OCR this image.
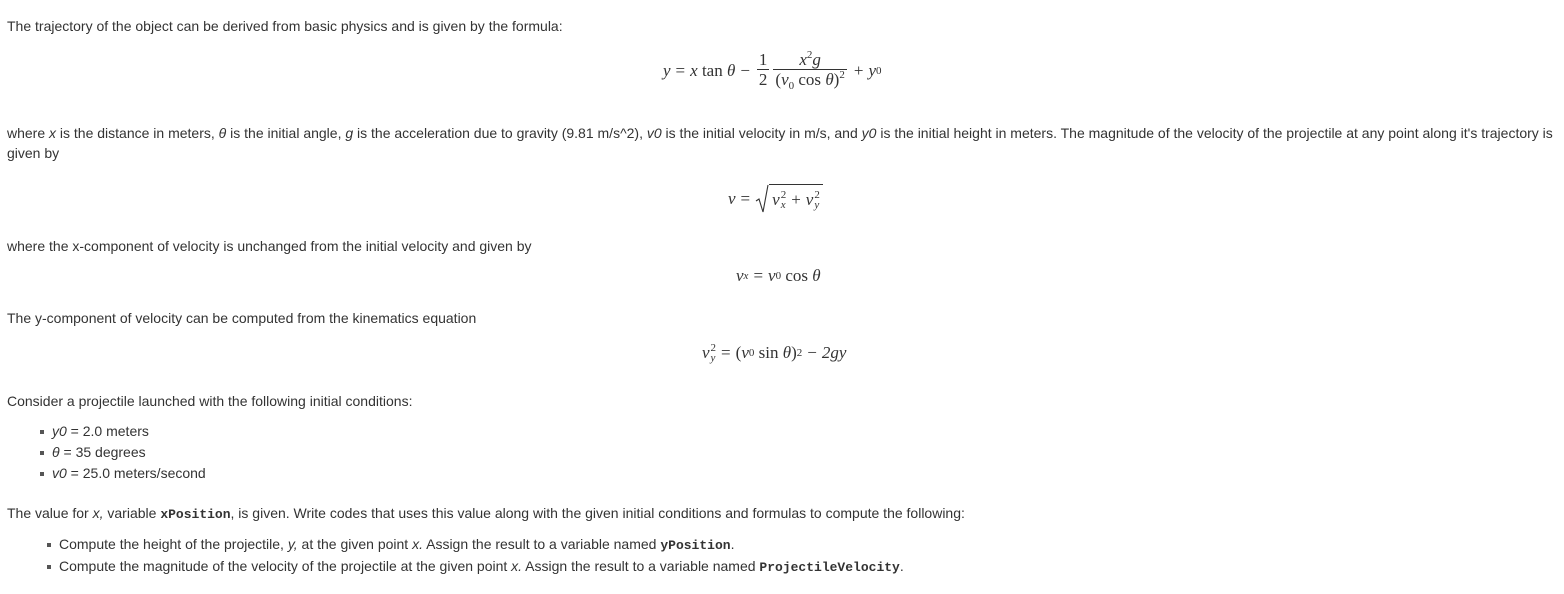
The trajectory of the object can be derived from basic physics and is given by the formula:

y = x
tan
$\theta - \frac{1}{2} \frac{x^2g}{(v_0 \cos \theta)^2} + y$ 0

where x is the distance in meters, θ is the initial angle, g is the acceleration due to gravity (9.81 m/s^2), v0 is the initial velocity in m/s, and y0 is the initial height in meters. The magnitude of the velocity of the projectile at any point along it's trajectory is given by

v = v 2
x + v 2
y

where the x-component of velocity is unchanged from the initial velocity and given by

v x = v 0
cos
θ

The y-component of velocity can be computed from the kinematics equation

v 2
y = ( v 0
sin
θ ) 2 − 2gy

Consider a projectile launched with the following initial conditions:

y0 = 2.0 meters
θ = 35 degrees
v0 = 25.0 meters/second

The value for x, variable xPosition, is given. Write codes that uses this value along with the given initial conditions and formulas to compute the following:

Compute the height of the projectile, y, at the given point x. Assign the result to a variable named yPosition.
Compute the magnitude of the velocity of the projectile at the given point x. Assign the result to a variable named ProjectileVelocity.
